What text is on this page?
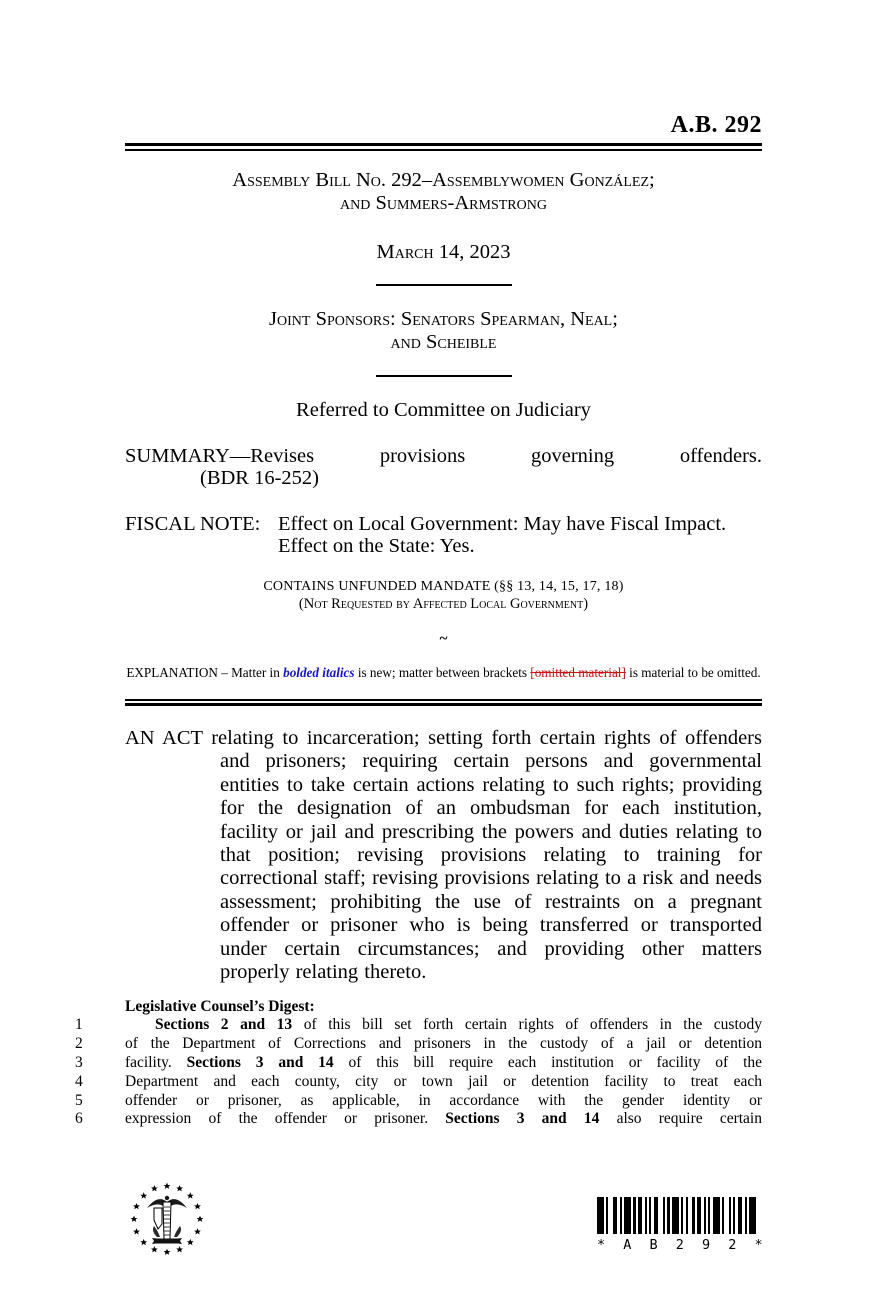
A.B. 292
Assembly Bill No. 292–Assemblywomen González;
and Summers-Armstrong
March 14, 2023
Joint Sponsors: Senators Spearman, Neal;
and Scheible
Referred to Committee on Judiciary
SUMMARY—Revises provisions governing offenders.
(BDR 16-252)
FISCAL NOTE: Effect on Local Government: May have Fiscal Impact.
Effect on the State: Yes.
CONTAINS UNFUNDED MANDATE (§§ 13, 14, 15, 17, 18)
(Not Requested by Affected Local Government)
~
EXPLANATION – Matter in bolded italics is new; matter between brackets [omitted material] is material to be omitted.

AN ACT relating to incarceration; setting forth certain rights of offenders and prisoners; requiring certain persons and governmental entities to take certain actions relating to such rights; providing for the designation of an ombudsman for each institution, facility or jail and prescribing the powers and duties relating to that position; revising provisions relating to training for correctional staff; revising provisions relating to a risk and needs assessment; prohibiting the use of restraints on a pregnant offender or prisoner who is being transferred or transported under certain circumstances; and providing other matters properly relating thereto.

Legislative Counsel’s Digest:
1	Sections 2 and 13 of this bill set forth certain rights of offenders in the custody
2	of the Department of Corrections and prisoners in the custody of a jail or detention
3	facility. Sections 3 and 14 of this bill require each institution or facility of the
4	Department and each county, city or town jail or detention facility to treat each
5	offender or prisoner, as applicable, in accordance with the gender identity or
6	expression of the offender or prisoner. Sections 3 and 14 also require certain
* A B 2 9 2 *
